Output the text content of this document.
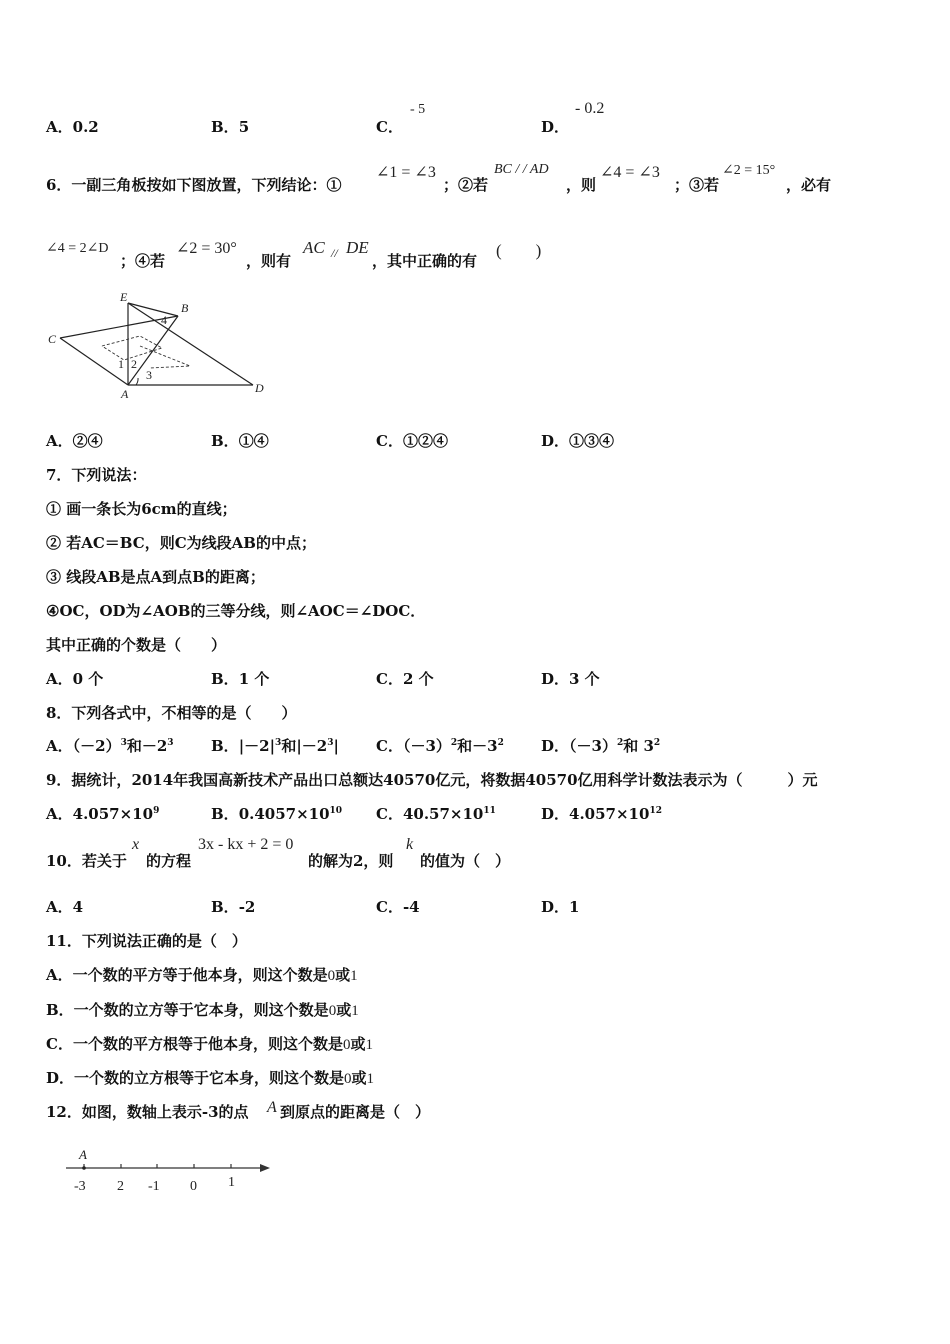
A．0.2	B．5	C．
- 5
D．
- 0.2
6．一副三角板按如下图放置，下列结论：①
∠1 = ∠3
；②若
BC / / AD
，则
∠4 = ∠3
；③若
∠2 = 15°
，必有
∠4 = 2∠D
；④若
∠2 = 30°
，则有
AC // DE
，其中正确的有
(　　)
E
B
C
A	D
1 2
3
4
A．②④	B．①④	C．①②④	D．①③④
7．下列说法：
① 画一条长为6cm的直线；
② 若AC＝BC，则C为线段AB的中点；
③ 线段AB是点A到点B的距离；
④OC，OD为∠AOB的三等分线，则∠AOC＝∠DOC．
其中正确的个数是（　　）
A．0 个	C．2 个
B．1 个	D．3 个
8．下列各式中，不相等的是（　　）
A．$(-2)^3$和$-2^3$ B．$|-2|^3$和$|-2^3|$ C．$(-3)^2$和$-3^2$ D．$(-3)^2$和 $3^2$
9．据统计，2014年我国高新技术产品出口总额达40570亿元，将数据40570亿用科学计数法表示为（　　　）元
A．$4.057\times 10^9$	B．$0.4057\times 10^{10}$ C．$40.57\times 10^{11}$	D．$4.057\times 10^{12}$
10．若关于
x
的方程
3x - kx + 2 = 0
的解为2，则
k
的值为（　）
A．4	B．-2	C．-4	D．1
11．下列说法正确的是（　）
A．一个数的平方等于他本身，则这个数是0或1
B．一个数的立方等于它本身，则这个数是0或1
C．一个数的平方根等于他本身，则这个数是0或1
D．一个数的立方根等于它本身，则这个数是0或1
12．如图，数轴上表示-3的点 A 到原点的距离是（　）
A
-3 2 -1 0 1
